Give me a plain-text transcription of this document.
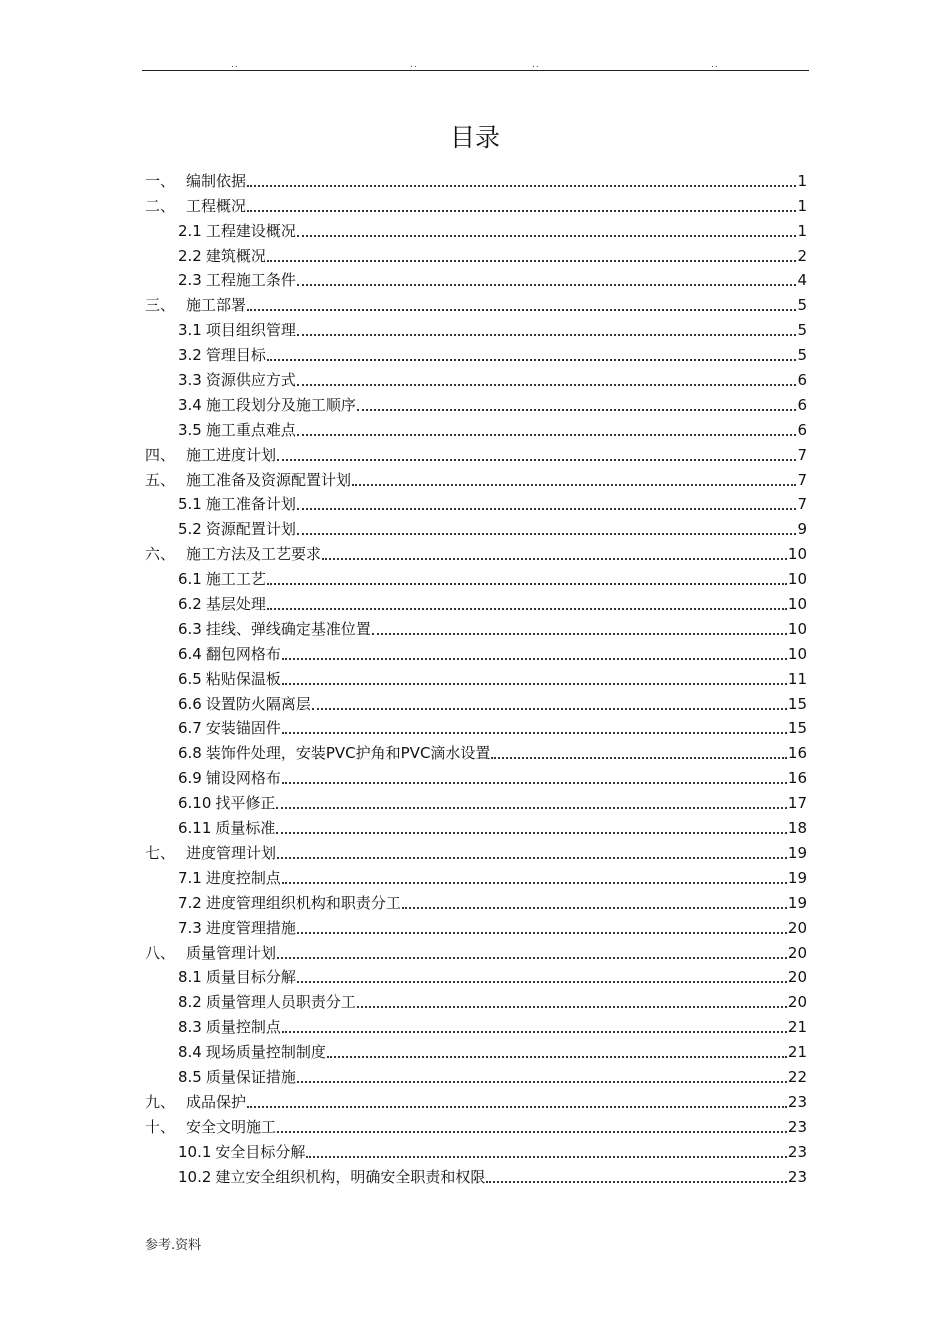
..	..	..	..
目录
一、 编制依据	1
二、 工程概况	1
2.1 工程建设概况	1
2.2 建筑概况	2
2.3 工程施工条件	4
三、 施工部署	5
3.1 项目组织管理	5
3.2 管理目标	5
3.3 资源供应方式	6
3.4 施工段划分及施工顺序	6
3.5 施工重点难点	6
四、 施工进度计划	7
五、 施工准备及资源配置计划	7
5.1 施工准备计划	7
5.2 资源配置计划	9
六、 施工方法及工艺要求	10
6.1 施工工艺	10
6.2 基层处理	10
6.3 挂线、弹线确定基准位置	10
6.4 翻包网格布	10
6.5 粘贴保温板	11
6.6 设置防火隔离层	15
6.7 安装锚固件	15
6.8 装饰件处理，安装PVC护角和PVC滴水设置	16
6.9 铺设网格布	16
6.10 找平修正	17
6.11 质量标准	18
七、 进度管理计划	19
7.1 进度控制点	19
7.2 进度管理组织机构和职责分工	19
7.3 进度管理措施	20
八、 质量管理计划	20
8.1 质量目标分解	20
8.2 质量管理人员职责分工	20
8.3 质量控制点	21
8.4 现场质量控制制度	21
8.5 质量保证措施	22
九、 成品保护	23
十、 安全文明施工	23
10.1 安全目标分解	23
10.2 建立安全组织机构，明确安全职责和权限	23
参考.资料
